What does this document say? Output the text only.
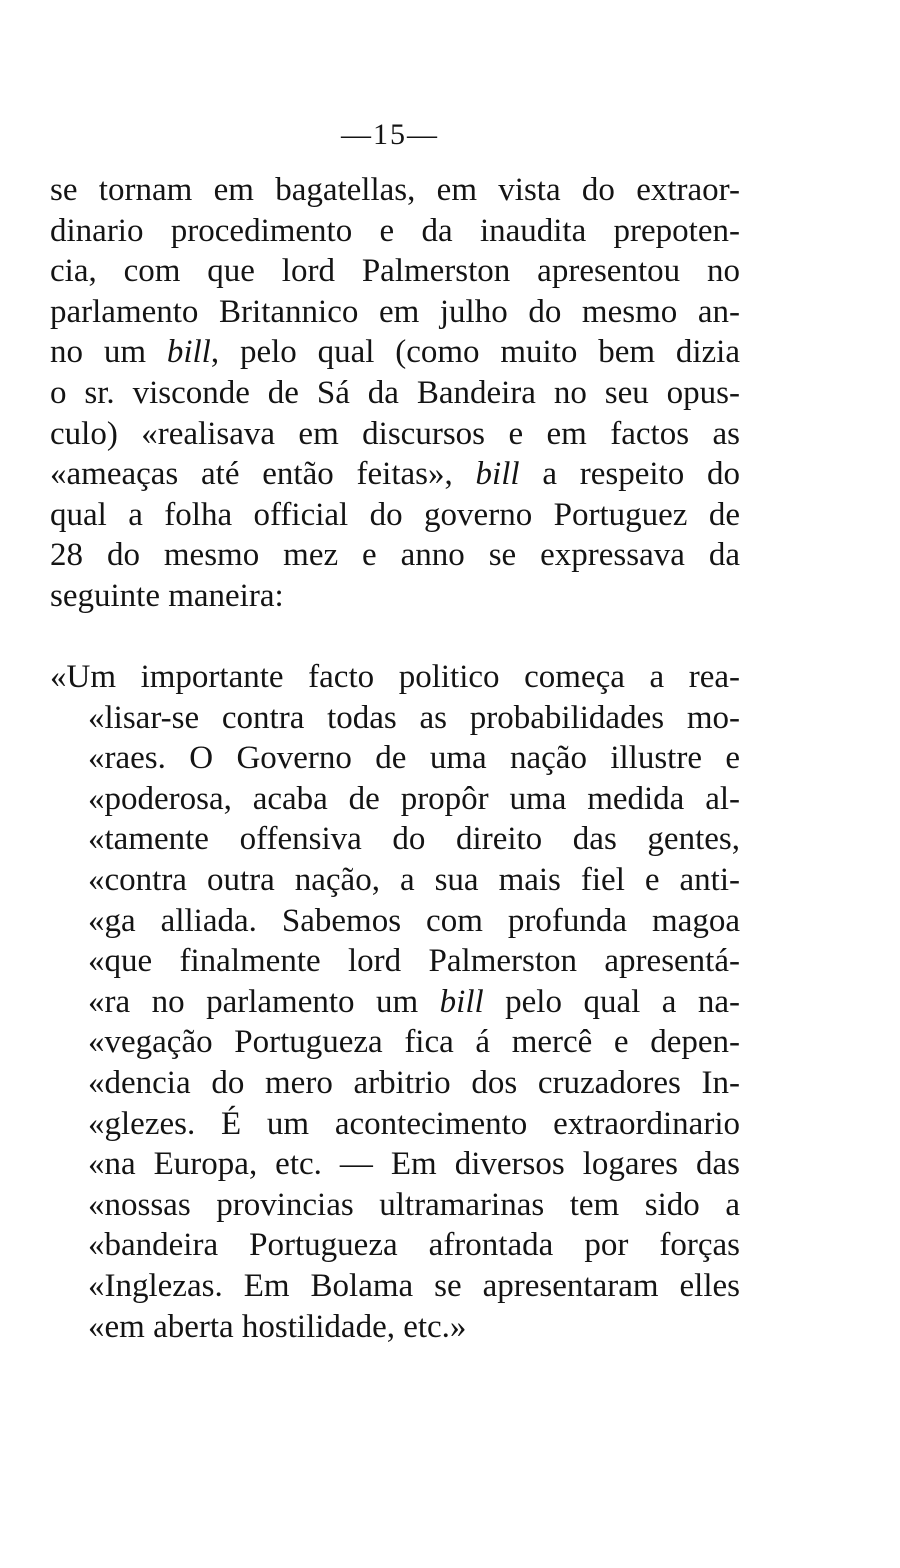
—15—
se tornam em bagatellas, em vista do extraor-
dinario procedimento e da inaudita prepoten-
cia, com que lord Palmerston apresentou no
parlamento Britannico em julho do mesmo an-
no um bill, pelo qual (como muito bem dizia
o sr. visconde de Sá da Bandeira no seu opus-
culo) «realisava em discursos e em factos as
«ameaças até então feitas», bill a respeito do
qual a folha official do governo Portuguez de
28 do mesmo mez e anno se expressava da
seguinte maneira:
«Um importante facto politico começa a rea-
«lisar-se contra todas as probabilidades mo-
«raes. O Governo de uma nação illustre e
«poderosa, acaba de propôr uma medida al-
«tamente offensiva do direito das gentes,
«contra outra nação, a sua mais fiel e anti-
«ga alliada. Sabemos com profunda magoa
«que finalmente lord Palmerston apresentá-
«ra no parlamento um bill pelo qual a na-
«vegação Portugueza fica á mercê e depen-
«dencia do mero arbitrio dos cruzadores In-
«glezes. É um acontecimento extraordinario
«na Europa, etc. — Em diversos logares das
«nossas provincias ultramarinas tem sido a
«bandeira Portugueza afrontada por forças
«Inglezas. Em Bolama se apresentaram elles
«em aberta hostilidade, etc.»
